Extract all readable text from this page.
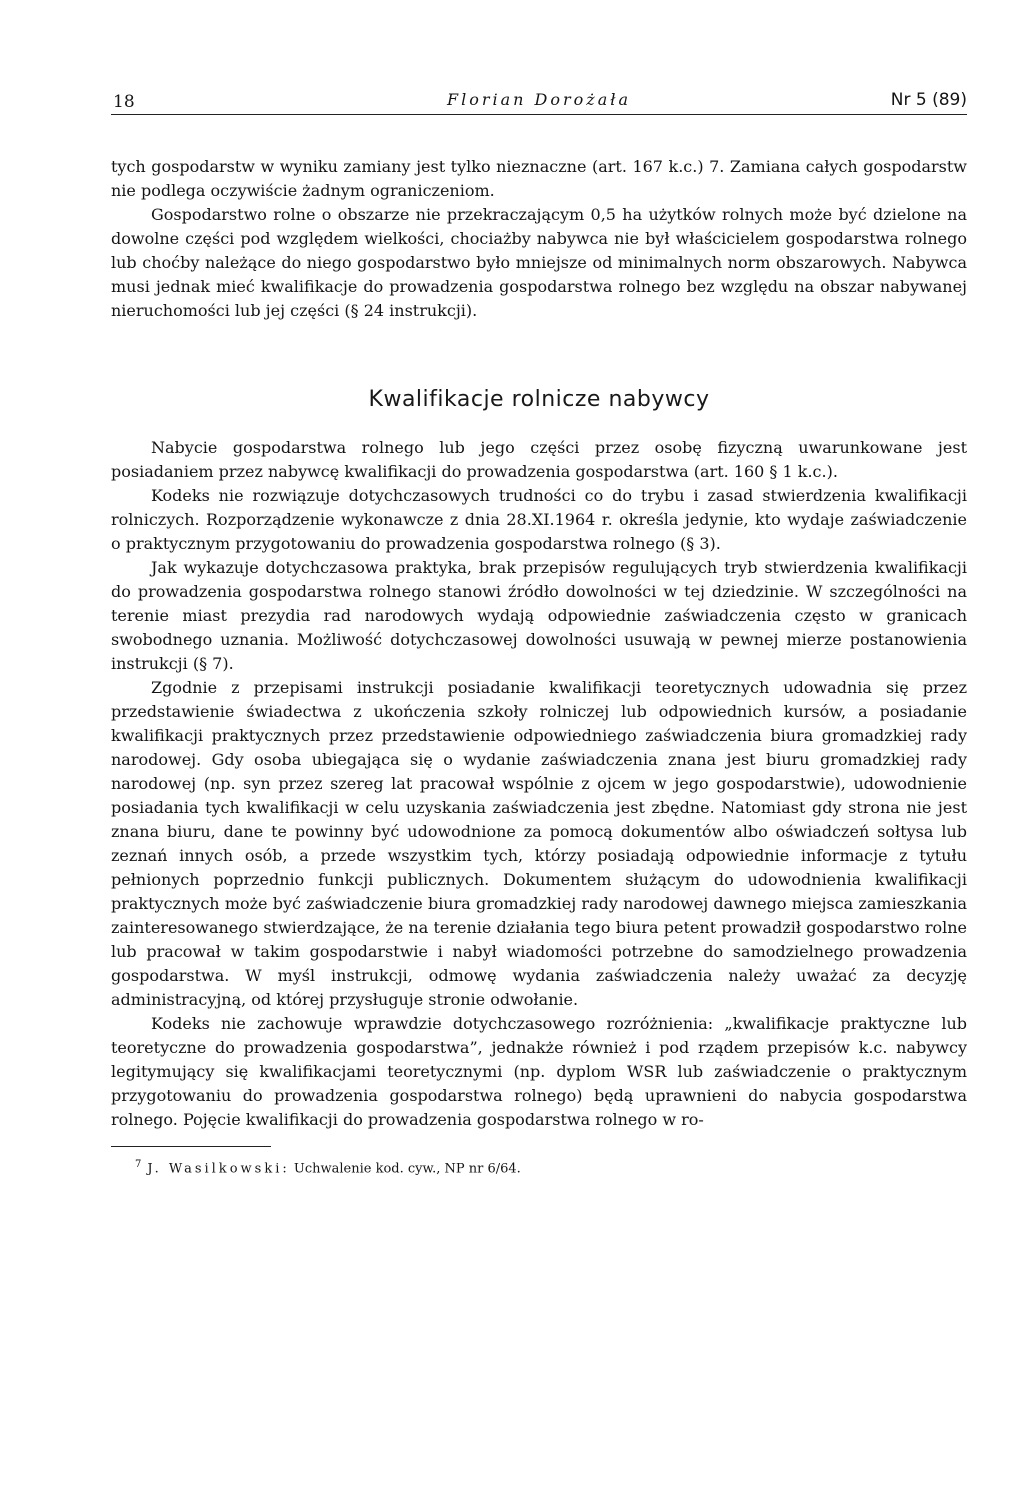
18	Florian Dorożała	Nr 5 (89)

tych gospodarstw w wyniku zamiany jest tylko nieznaczne (art. 167 k.c.) 7. Zamiana całych gospodarstw nie podlega oczywiście żadnym ograniczeniom.

Gospodarstwo rolne o obszarze nie przekraczającym 0,5 ha użytków rolnych może być dzielone na dowolne części pod względem wielkości, chociażby nabywca nie był właścicielem gospodarstwa rolnego lub choćby należące do niego gospodarstwo było mniejsze od minimalnych norm obszarowych. Nabywca musi jednak mieć kwalifikacje do prowadzenia gospodarstwa rolnego bez względu na obszar nabywanej nieruchomości lub jej części (§ 24 instrukcji).

Kwalifikacje rolnicze nabywcy

Nabycie gospodarstwa rolnego lub jego części przez osobę fizyczną uwarunkowane jest posiadaniem przez nabywcę kwalifikacji do prowadzenia gospodarstwa (art. 160 § 1 k.c.).

Kodeks nie rozwiązuje dotychczasowych trudności co do trybu i zasad stwierdzenia kwalifikacji rolniczych. Rozporządzenie wykonawcze z dnia 28.XI.1964 r. określa jedynie, kto wydaje zaświadczenie o praktycznym przygotowaniu do prowadzenia gospodarstwa rolnego (§ 3).

Jak wykazuje dotychczasowa praktyka, brak przepisów regulujących tryb stwierdzenia kwalifikacji do prowadzenia gospodarstwa rolnego stanowi źródło dowolności w tej dziedzinie. W szczególności na terenie miast prezydia rad narodowych wydają odpowiednie zaświadczenia często w granicach swobodnego uznania. Możliwość dotychczasowej dowolności usuwają w pewnej mierze postanowienia instrukcji (§ 7).

Zgodnie z przepisami instrukcji posiadanie kwalifikacji teoretycznych udowadnia się przez przedstawienie świadectwa z ukończenia szkoły rolniczej lub odpowiednich kursów, a posiadanie kwalifikacji praktycznych przez przedstawienie odpowiedniego zaświadczenia biura gromadzkiej rady narodowej. Gdy osoba ubiegająca się o wydanie zaświadczenia znana jest biuru gromadzkiej rady narodowej (np. syn przez szereg lat pracował wspólnie z ojcem w jego gospodarstwie), udowodnienie posiadania tych kwalifikacji w celu uzyskania zaświadczenia jest zbędne. Natomiast gdy strona nie jest znana biuru, dane te powinny być udowodnione za pomocą dokumentów albo oświadczeń sołtysa lub zeznań innych osób, a przede wszystkim tych, którzy posiadają odpowiednie informacje z tytułu pełnionych poprzednio funkcji publicznych. Dokumentem służącym do udowodnienia kwalifikacji praktycznych może być zaświadczenie biura gromadzkiej rady narodowej dawnego miejsca zamieszkania zainteresowanego stwierdzające, że na terenie działania tego biura petent prowadził gospodarstwo rolne lub pracował w takim gospodarstwie i nabył wiadomości potrzebne do samodzielnego prowadzenia gospodarstwa. W myśl instrukcji, odmowę wydania zaświadczenia należy uważać za decyzję administracyjną, od której przysługuje stronie odwołanie.

Kodeks nie zachowuje wprawdzie dotychczasowego rozróżnienia: „kwalifikacje praktyczne lub teoretyczne do prowadzenia gospodarstwa”, jednakże również i pod rządem przepisów k.c. nabywcy legitymujący się kwalifikacjami teoretycznymi (np. dyplom WSR lub zaświadczenie o praktycznym przygotowaniu do prowadzenia gospodarstwa rolnego) będą uprawnieni do nabycia gospodarstwa rolnego. Pojęcie kwalifikacji do prowadzenia gospodarstwa rolnego w ro-

$^7$ J. Wasilkowski: Uchwalenie kod. cyw., NP nr 6/64.
